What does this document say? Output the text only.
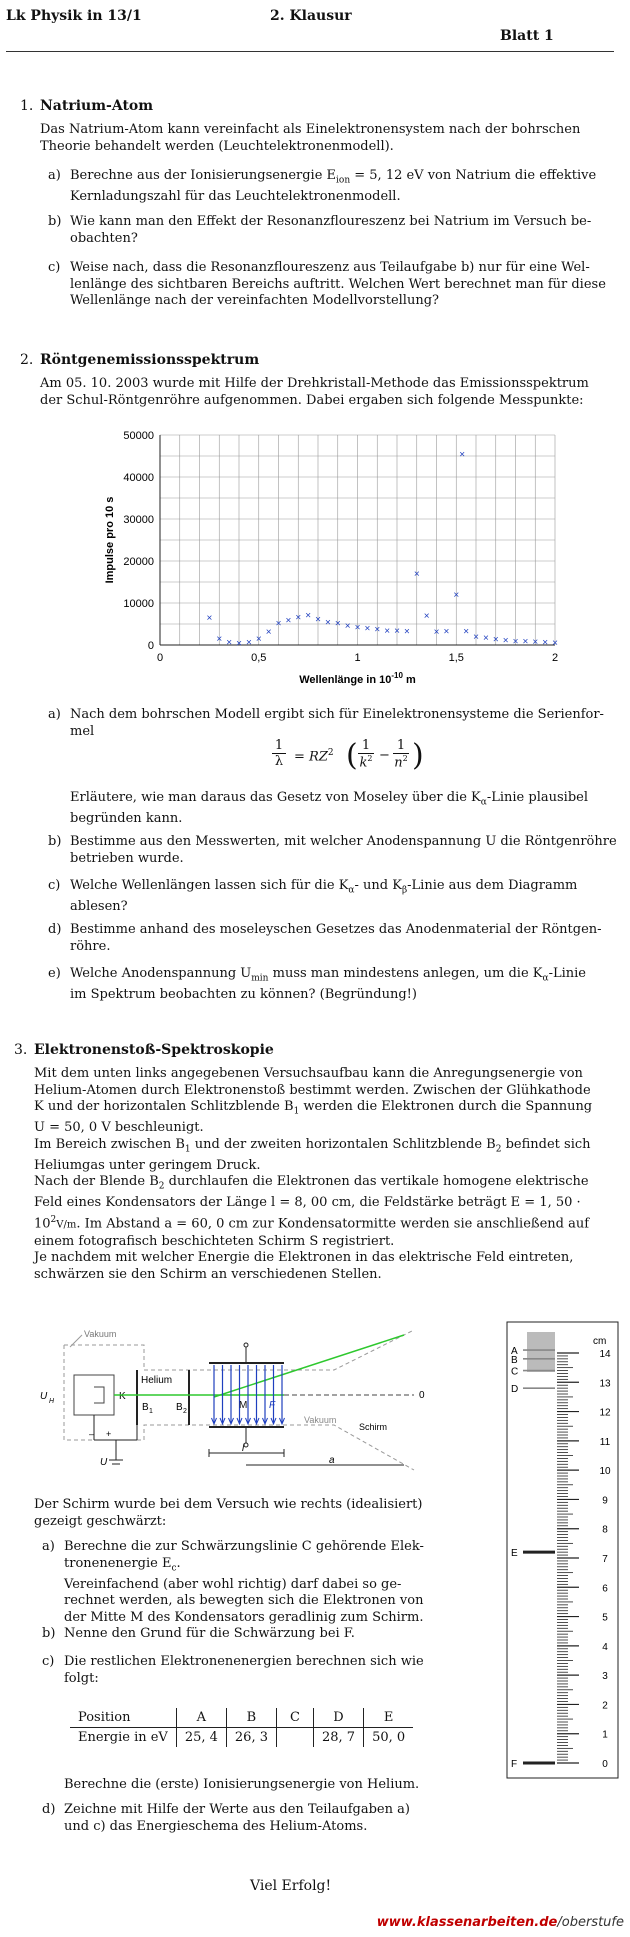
Lk Physik in 13/1	2. Klausur
Blatt 1
1. Natrium-Atom
Das Natrium-Atom kann vereinfacht als Einelektronensystem nach der bohrschen
Theorie behandelt werden (Leuchtelektronenmodell).
a) Berechne aus der Ionisierungsenergie $E_{ion} = 5$, 12 eV von Natrium die effektive
Kernladungszahl für das Leuchtelektronenmodell.
b) Wie kann man den Effekt der Resonanzfloureszenz bei Natrium im Versuch be-
obachten?
c) Weise nach, dass die Resonanzfloureszenz aus Teilaufgabe b) nur für eine Wel-
lenlänge des sichtbaren Bereichs auftritt. Welchen Wert berechnet man für diese
Wellenlänge nach der vereinfachten Modellvorstellung?
2. Röntgenemissionsspektrum
Am 05. 10. 2003 wurde mit Hilfe der Drehkristall-Methode das Emissionsspektrum
der Schul-Röntgenröhre aufgenommen. Dabei ergaben sich folgende Messpunkte:
0	0,5	1	1,5	2
0
10000
20000
30000
40000
50000
×
× × × × ×
×
× × × × × × × × × × × × × ×
×
×
× ×
×
×
× × × × × × × × × ×
Wellenlänge in $10^{-10}$ m
Impulse pro 10 s
a) Nach dem bohrschen Modell ergibt sich für Einelektronensysteme die Serienfor-
mel
1
$\lambda = RZ^2$ ( 1
$k^2$ −
1
$n^2$ )
Erläutere, wie man daraus das Gesetz von Moseley über die $K_\alpha$-Linie plausibel
begründen kann.
b) Bestimme aus den Messwerten, mit welcher Anodenspannung U die Röntgenröhre
betrieben wurde.
c) Welche Wellenlängen lassen sich für die $K_\alpha-$ und $K_\beta$-Linie aus dem Diagramm
ablesen?
d) Bestimme anhand des moseleyschen Gesetzes das Anodenmaterial der Röntgen-
röhre.
e) Welche Anodenspannung $U_{min}$ muss man mindestens anlegen, um die $K_\alpha$-Linie
im Spektrum beobachten zu können? (Begründung!)
3. Elektronenstoß-Spektroskopie
Mit dem unten links angegebenen Versuchsaufbau kann die Anregungsenergie von
Helium-Atomen durch Elektronenstoß bestimmt werden. Zwischen der Glühkathode
K und der horizontalen Schlitzblende $B_1$ werden die Elektronen durch die Spannung
U = 50, 0 V beschleunigt.
Im Bereich zwischen $B_1$ und der zweiten horizontalen Schlitzblende $B_2$ befindet sich
Heliumgas unter geringem Druck.
Nach der Blende $B_2$ durchlaufen die Elektronen das vertikale homogene elektrische
Feld eines Kondensators der Länge l = 8, 00 cm, die Feldstärke beträgt E = 1, 50 ·
$10^2V/m$. Im Abstand a = 60, 0 cm zur Kondensatormitte werden sie anschließend auf
einem fotografisch beschichteten Schirm S registriert.
Je nachdem mit welcher Energie die Elektronen in das elektrische Feld eintreten,
schwärzen sie den Schirm an verschiedenen Stellen.
Vakuum
K
U H
Helium
B 1 B 2
M F
0
Vakuum
Schirm
l
a
– +
U
cm
14
13
12
11
10
9
8
7
6
5
4
3
2
1
0
A
B
C
D
E
F
Der Schirm wurde bei dem Versuch wie rechts (idealisiert)
gezeigt geschwärzt:
a) Berechne die zur Schwärzungslinie C gehörende Elek-
tronenenergie $E_c$.
Vereinfachend (aber wohl richtig) darf dabei so ge-
rechnet werden, als bewegten sich die Elektronen von
der Mitte M des Kondensators geradlinig zum Schirm.
b) Nenne den Grund für die Schwärzung bei F.
c) Die restlichen Elektronenenergien berechnen sich wie
folgt:
Position	A	B	C	D	E
Energie in eV	25, 4	26, 3		28, 7	50, 0
Berechne die (erste) Ionisierungsenergie von Helium.
d) Zeichne mit Hilfe der Werte aus den Teilaufgaben a)
und c) das Energieschema des Helium-Atoms.
Viel Erfolg!
www.klassenarbeiten.de/oberstufe
